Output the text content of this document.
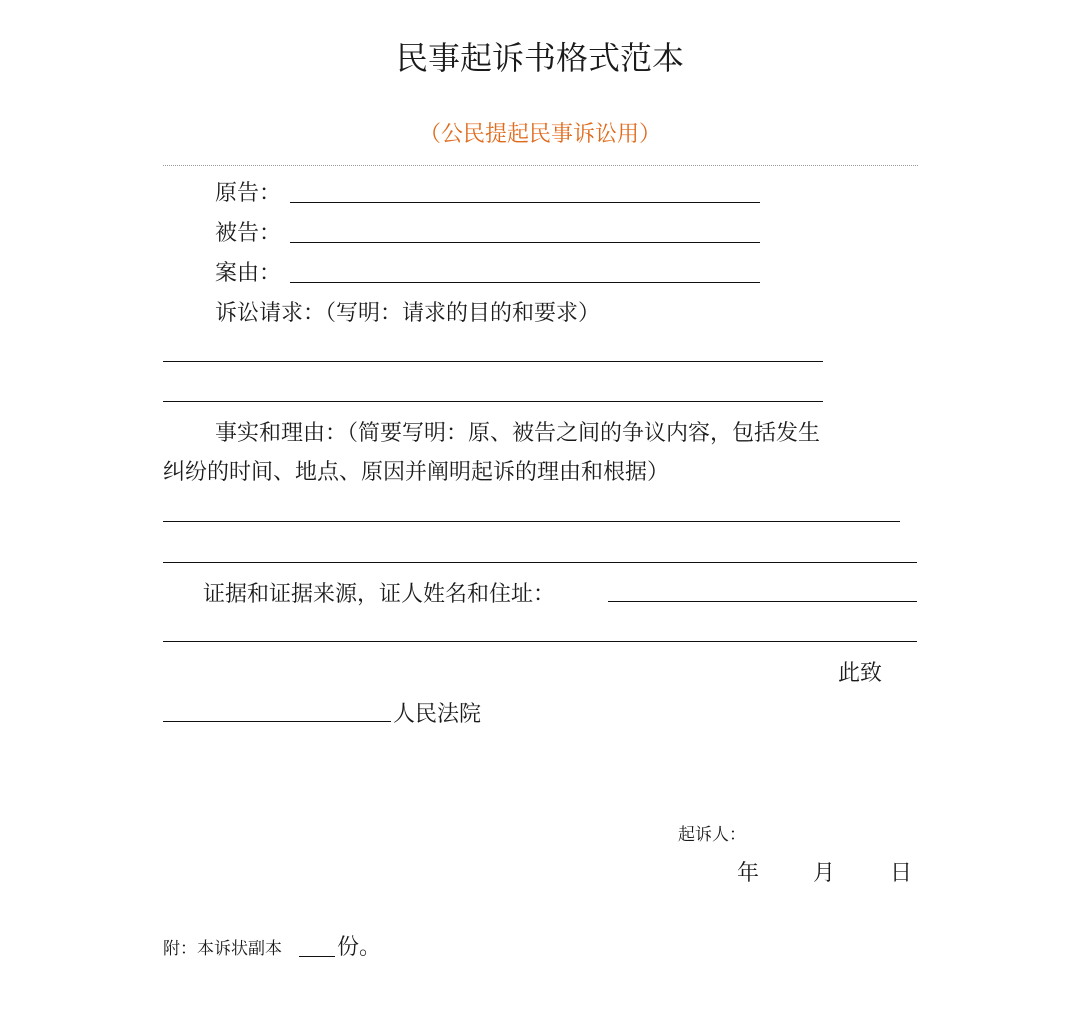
民事起诉书格式范本
（公民提起民事诉讼用）
原告：
被告：
案由：
诉讼请求：（写明：请求的目的和要求）
事实和理由：（简要写明：原、被告之间的争议内容，包括发生
纠纷的时间、地点、原因并阐明起诉的理由和根据）
证据和证据来源，证人姓名和住址：
此致
人民法院
起诉人：
年 月 日
附：本诉状副本	份。
